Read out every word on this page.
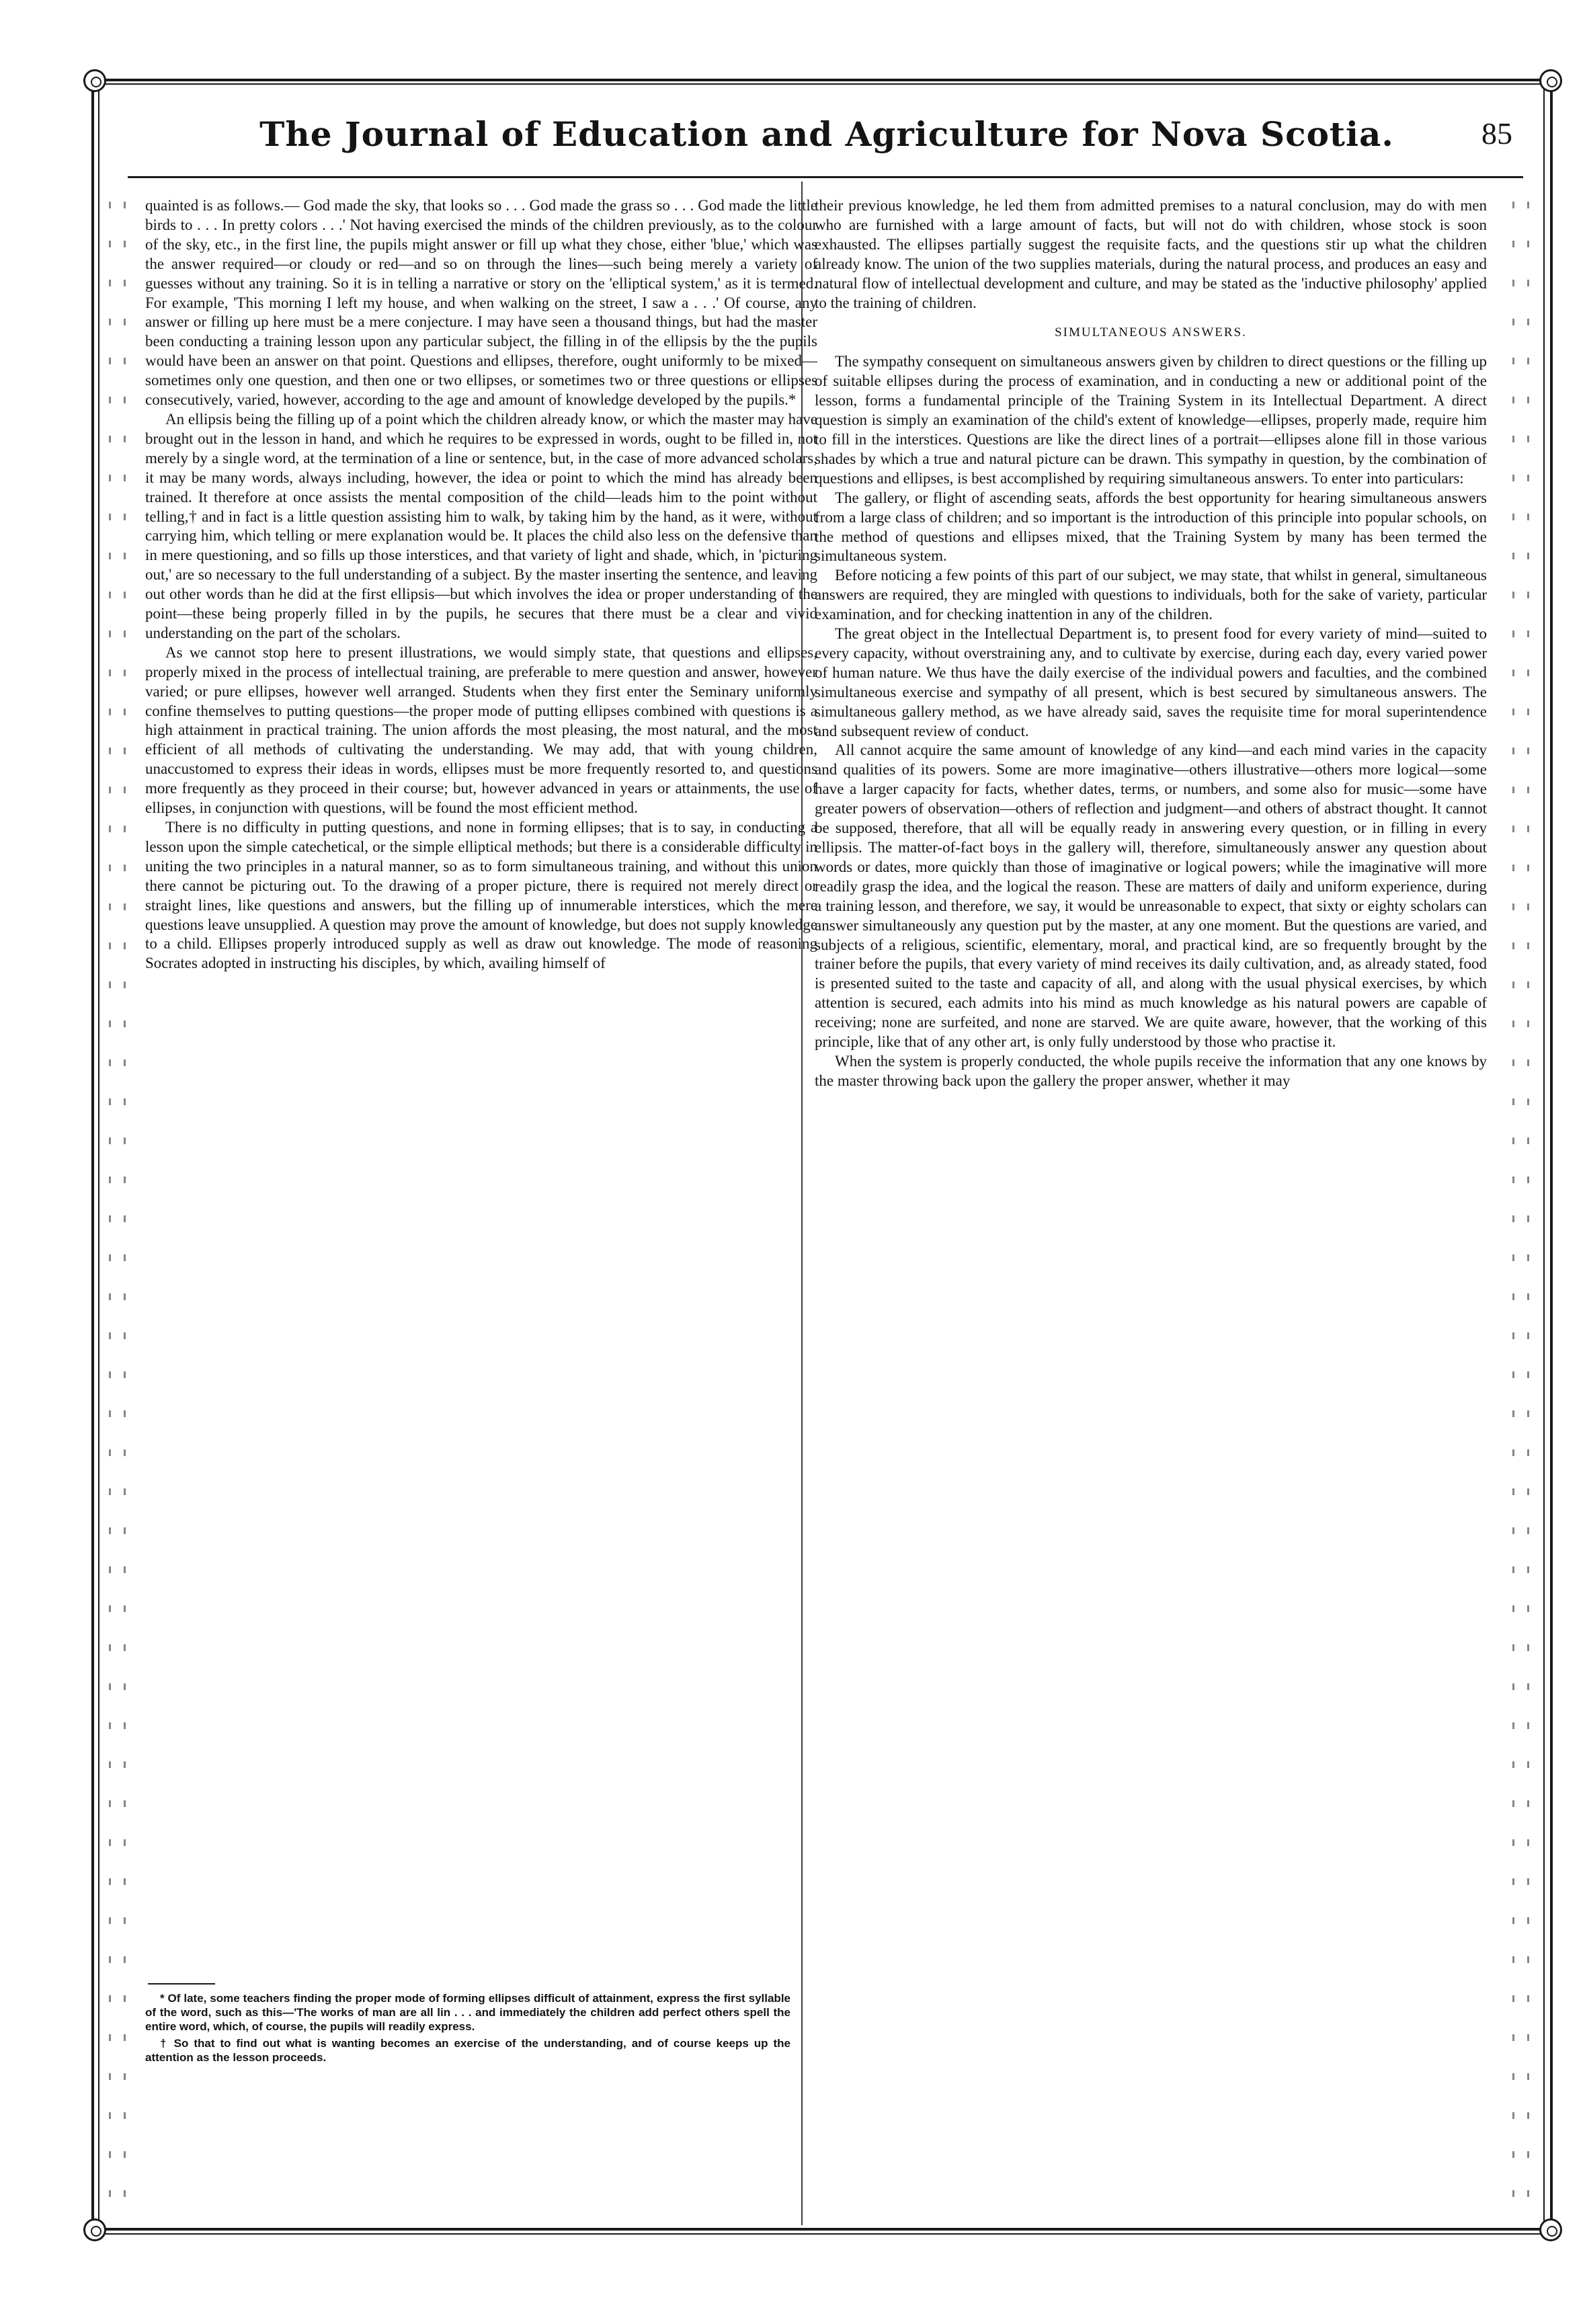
The Journal of Education and Agriculture for Nova Scotia.	85

quainted is as follows.— God made the sky, that looks so . . . God made the grass so . . . God made the little birds to . . . In pretty colors . . .' Not having exercised the minds of the children previously, as to the colour of the sky, etc., in the first line, the pupils might answer or fill up what they chose, either 'blue,' which was the answer required—or cloudy or red—and so on through the lines—such being merely a variety of guesses without any training. So it is in telling a narrative or story on the 'elliptical system,' as it is termed. For example, 'This morning I left my house, and when walking on the street, I saw a . . .' Of course, any answer or filling up here must be a mere conjecture. I may have seen a thousand things, but had the master been conducting a training lesson upon any particular subject, the filling in of the ellipsis by the the pupils would have been an answer on that point. Questions and ellipses, therefore, ought uniformly to be mixed—sometimes only one question, and then one or two ellipses, or sometimes two or three questions or ellipses consecutively, varied, however, according to the age and amount of knowledge developed by the pupils.*

An ellipsis being the filling up of a point which the children already know, or which the master may have brought out in the lesson in hand, and which he requires to be expressed in words, ought to be filled in, not merely by a single word, at the termination of a line or sentence, but, in the case of more advanced scholars, it may be many words, always including, however, the idea or point to which the mind has already been trained. It therefore at once assists the mental composition of the child—leads him to the point without telling,† and in fact is a little question assisting him to walk, by taking him by the hand, as it were, without carrying him, which telling or mere explanation would be. It places the child also less on the defensive than in mere questioning, and so fills up those interstices, and that variety of light and shade, which, in 'picturing out,' are so necessary to the full understanding of a subject. By the master inserting the sentence, and leaving out other words than he did at the first ellipsis—but which involves the idea or proper understanding of the point—these being properly filled in by the pupils, he secures that there must be a clear and vivid understanding on the part of the scholars.

As we cannot stop here to present illustrations, we would simply state, that questions and ellipses, properly mixed in the process of intellectual training, are preferable to mere question and answer, however varied; or pure ellipses, however well arranged. Students when they first enter the Seminary uniformly confine themselves to putting questions—the proper mode of putting ellipses combined with questions is a high attainment in practical training. The union affords the most pleasing, the most natural, and the most efficient of all methods of cultivating the understanding. We may add, that with young children, unaccustomed to express their ideas in words, ellipses must be more frequently resorted to, and questions more frequently as they proceed in their course; but, however advanced in years or attainments, the use of ellipses, in conjunction with questions, will be found the most efficient method.

There is no difficulty in putting questions, and none in forming ellipses; that is to say, in conducting a lesson upon the simple catechetical, or the simple elliptical methods; but there is a considerable difficulty in uniting the two principles in a natural manner, so as to form simultaneous training, and without this union there cannot be picturing out. To the drawing of a proper picture, there is required not merely direct or straight lines, like questions and answers, but the filling up of innumerable interstices, which the mere questions leave unsupplied. A question may prove the amount of knowledge, but does not supply knowledge to a child. Ellipses properly introduced supply as well as draw out knowledge. The mode of reasoning Socrates adopted in instructing his disciples, by which, availing himself of

* Of late, some teachers finding the proper mode of forming ellipses difficult of attainment, express the first syllable of the word, such as this—'The works of man are all lin . . . and immediately the children add perfect others spell the entire word, which, of course, the pupils will readily express.

† So that to find out what is wanting becomes an exercise of the understanding, and of course keeps up the attention as the lesson proceeds.

their previous knowledge, he led them from admitted premises to a natural conclusion, may do with men who are furnished with a large amount of facts, but will not do with children, whose stock is soon exhausted. The ellipses partially suggest the requisite facts, and the questions stir up what the children already know. The union of the two supplies materials, during the natural process, and produces an easy and natural flow of intellectual development and culture, and may be stated as the 'inductive philosophy' applied to the training of children.

SIMULTANEOUS ANSWERS.

The sympathy consequent on simultaneous answers given by children to direct questions or the filling up of suitable ellipses during the process of examination, and in conducting a new or additional point of the lesson, forms a fundamental principle of the Training System in its Intellectual Department. A direct question is simply an examination of the child's extent of knowledge—ellipses, properly made, require him to fill in the interstices. Questions are like the direct lines of a portrait—ellipses alone fill in those various shades by which a true and natural picture can be drawn. This sympathy in question, by the combination of questions and ellipses, is best accomplished by requiring simultaneous answers. To enter into particulars:

The gallery, or flight of ascending seats, affords the best opportunity for hearing simultaneous answers from a large class of children; and so important is the introduction of this principle into popular schools, on the method of questions and ellipses mixed, that the Training System by many has been termed the simultaneous system.

Before noticing a few points of this part of our subject, we may state, that whilst in general, simultaneous answers are required, they are mingled with questions to individuals, both for the sake of variety, particular examination, and for checking inattention in any of the children.

The great object in the Intellectual Department is, to present food for every variety of mind—suited to every capacity, without overstraining any, and to cultivate by exercise, during each day, every varied power of human nature. We thus have the daily exercise of the individual powers and faculties, and the combined simultaneous exercise and sympathy of all present, which is best secured by simultaneous answers. The simultaneous gallery method, as we have already said, saves the requisite time for moral superintendence and subsequent review of conduct.

All cannot acquire the same amount of knowledge of any kind—and each mind varies in the capacity and qualities of its powers. Some are more imaginative—others illustrative—others more logical—some have a larger capacity for facts, whether dates, terms, or numbers, and some also for music—some have greater powers of observation—others of reflection and judgment—and others of abstract thought. It cannot be supposed, therefore, that all will be equally ready in answering every question, or in filling in every ellipsis. The matter-of-fact boys in the gallery will, therefore, simultaneously answer any question about words or dates, more quickly than those of imaginative or logical powers; while the imaginative will more readily grasp the idea, and the logical the reason. These are matters of daily and uniform experience, during a training lesson, and therefore, we say, it would be unreasonable to expect, that sixty or eighty scholars can answer simultaneously any question put by the master, at any one moment. But the questions are varied, and subjects of a religious, scientific, elementary, moral, and practical kind, are so frequently brought by the trainer before the pupils, that every variety of mind receives its daily cultivation, and, as already stated, food is presented suited to the taste and capacity of all, and along with the usual physical exercises, by which attention is secured, each admits into his mind as much knowledge as his natural powers are capable of receiving; none are surfeited, and none are starved. We are quite aware, however, that the working of this principle, like that of any other art, is only fully understood by those who practise it.

When the system is properly conducted, the whole pupils receive the information that any one knows by the master throwing back upon the gallery the proper answer, whether it may
